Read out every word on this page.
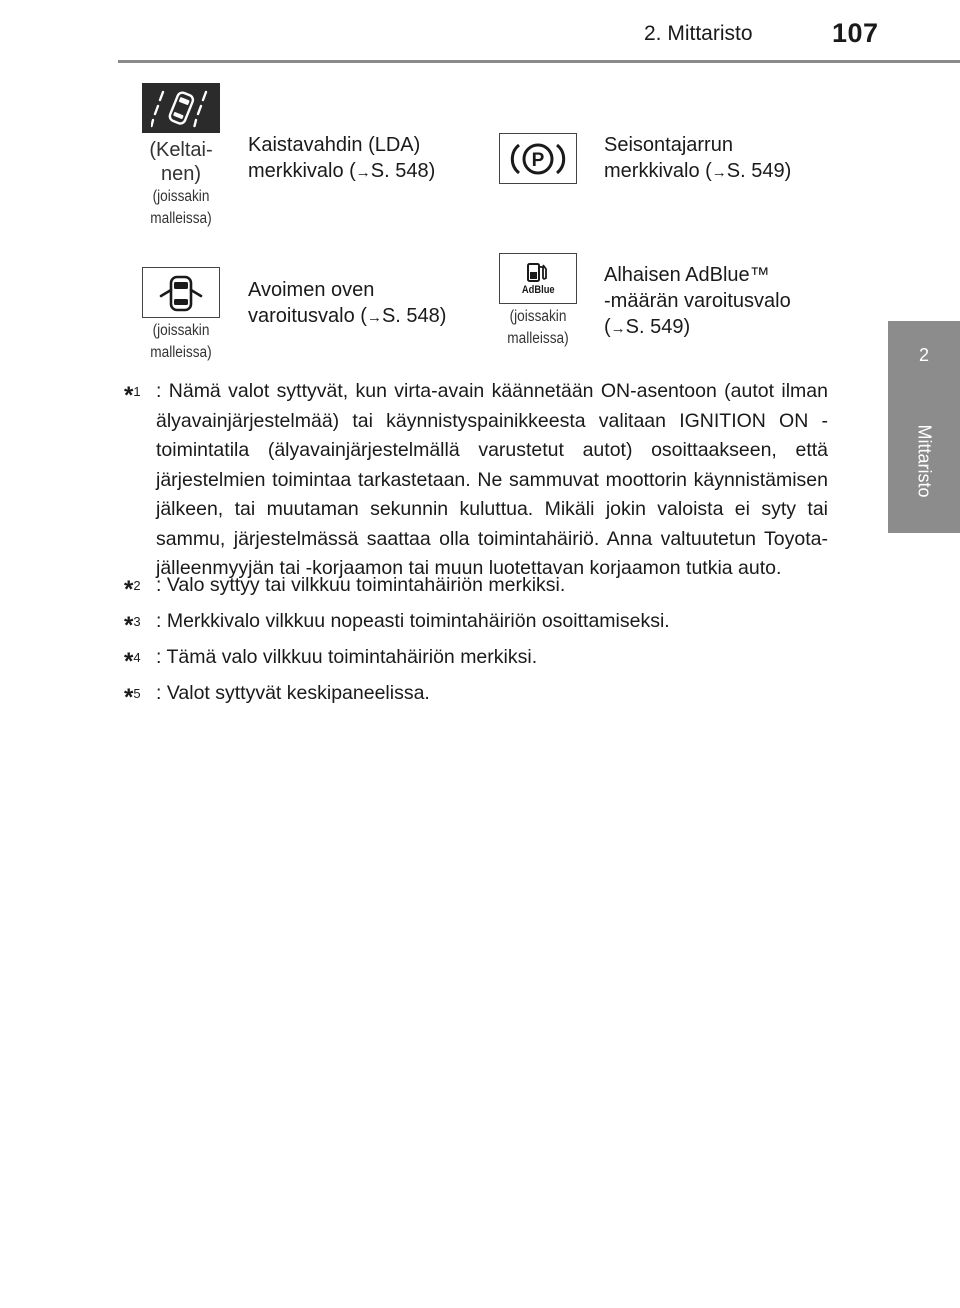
2. Mittaristo	107
2
Mittaristo
(Keltai- nen)
(joissakin malleissa)
Kaistavahdin (LDA)
merkkivalo (→S. 548)	P
Seisontajarrun
merkkivalo (→S. 549)
(joissakin malleissa)
Avoimen oven
varoitusvalo (→S. 548)
AdBlue
(joissakin malleissa)
Alhaisen AdBlue™
-määrän varoitusvalo
(→S. 549)
*$^1$ : Nämä valot syttyvät, kun virta-avain käännetään ON-asentoon (autot ilman älyavainjärjestelmää) tai käynnistyspainikkeesta valitaan IGNITION ON -toimintatila (älyavainjärjestelmällä varustetut autot) osoittaakseen, että järjestelmien toimintaa tarkastetaan. Ne sammuvat moottorin käynnistämisen jälkeen, tai muutaman sekunnin kuluttua. Mikäli jokin valoista ei syty tai sammu, järjestelmässä saattaa olla toimintahäiriö. Anna valtuutetun Toyota-jälleenmyyjän tai -korjaamon tai muun luotettavan korjaamon tutkia auto.
*$^2$ : Valo syttyy tai vilkkuu toimintahäiriön merkiksi.
*$^3$ : Merkkivalo vilkkuu nopeasti toimintahäiriön osoittamiseksi.
*$^4$ : Tämä valo vilkkuu toimintahäiriön merkiksi.
*$^5$ : Valot syttyvät keskipaneelissa.
